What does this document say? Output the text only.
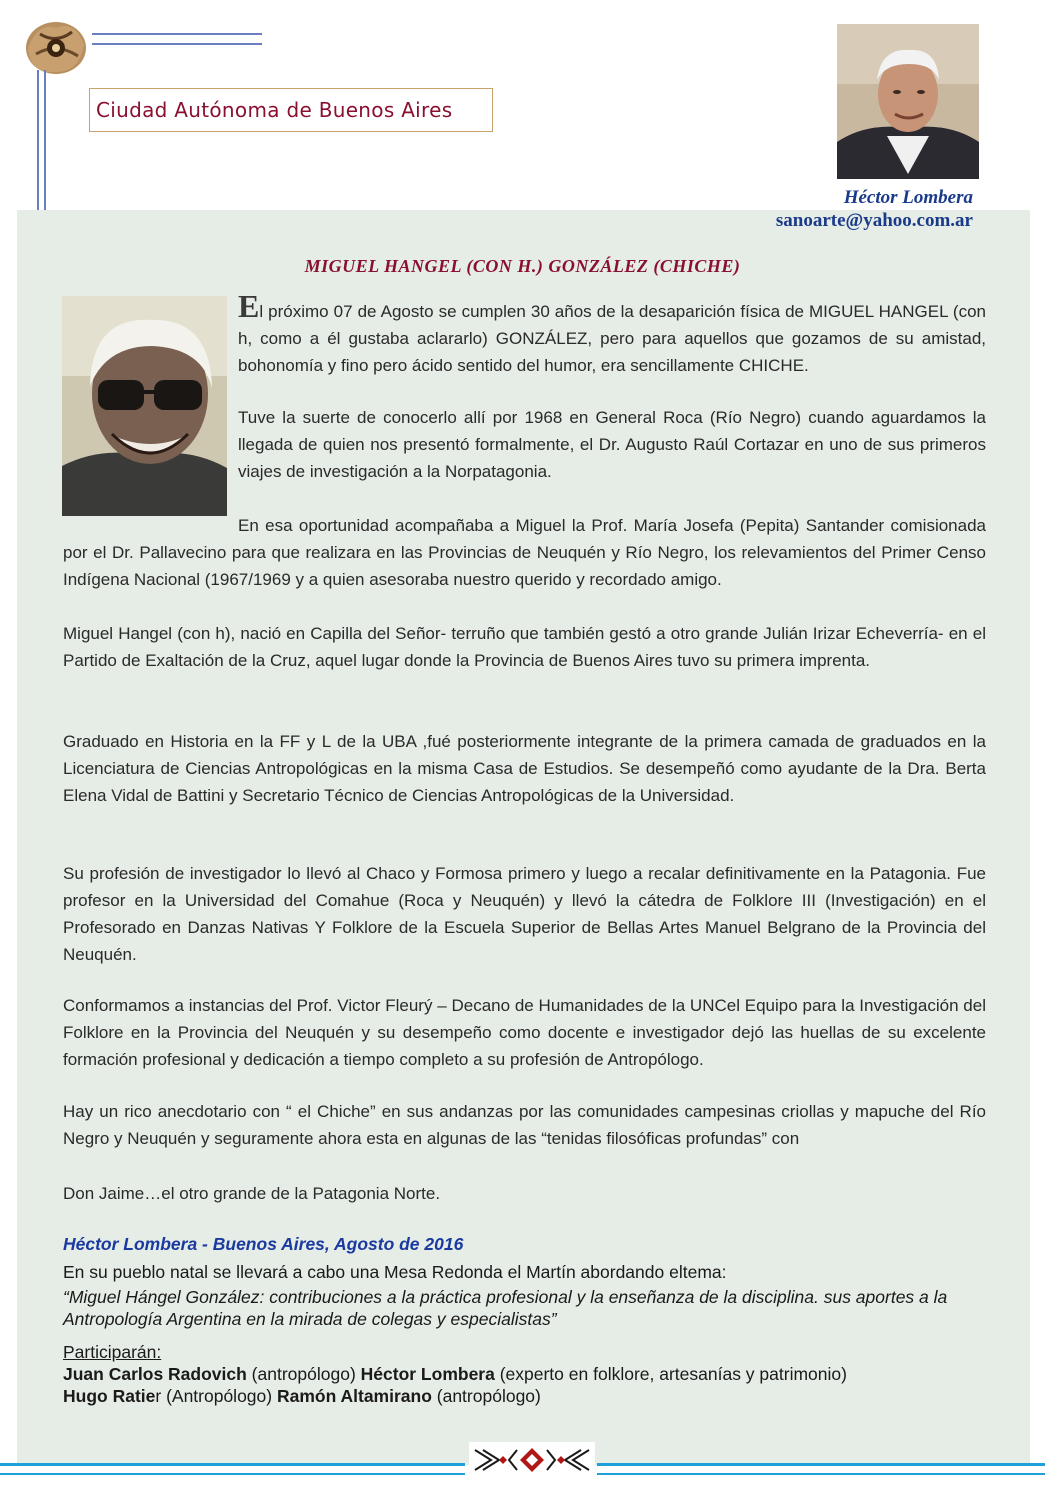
Ciudad Autónoma de Buenos Aires
Héctor Lombera
sanoarte@yahoo.com.ar
MIGUEL HANGEL (CON H.) GONZÁLEZ (CHICHE)
El próximo 07 de Agosto se cumplen 30 años de la desaparición física de MIGUEL HANGEL (con h, como a él gustaba aclararlo) GONZÁLEZ, pero para aquellos que gozamos de su amistad, bohonomía y fino pero ácido sentido del humor, era sencillamente CHICHE.
Tuve la suerte de conocerlo allí por 1968 en General Roca (Río Negro) cuando aguardamos la llegada de quien nos presentó formalmente, el Dr. Augusto Raúl Cortazar en uno de sus primeros viajes de investigación a la Norpatagonia.
En esa oportunidad acompañaba a Miguel la Prof. María Josefa (Pepita) Santander comisionada por el Dr. Pallavecino para que realizara en las Provincias de Neuquén y Río Negro, los relevamientos del Primer Censo Indígena Nacional (1967/1969 y a quien asesoraba nuestro querido y recordado amigo.
Miguel Hangel (con h), nació en Capilla del Señor- terruño que también gestó a otro grande Julián Irizar Echeverría- en el Partido de Exaltación de la Cruz, aquel lugar donde la Provincia de Buenos Aires tuvo su primera imprenta.
Graduado en Historia en la FF y L de la UBA ,fué posteriormente integrante de la primera camada de graduados en la Licenciatura de Ciencias Antropológicas en la misma Casa de Estudios. Se desempeñó como ayudante de la Dra. Berta Elena Vidal de Battini y Secretario Técnico de Ciencias Antropológicas de la Universidad.
Su profesión de investigador lo llevó al Chaco y Formosa primero y luego a recalar definitivamente en la Patagonia. Fue profesor en la Universidad del Comahue (Roca y Neuquén) y llevó la cátedra de Folklore III (Investigación) en el Profesorado en Danzas Nativas Y Folklore de la Escuela Superior de Bellas Artes Manuel Belgrano de la Provincia del Neuquén.
Conformamos a instancias del Prof. Victor Fleurý – Decano de Humanidades de la UNCel Equipo para la Investigación del Folklore en la Provincia del Neuquén y su desempeño como docente e investigador dejó las huellas de su excelente formación profesional y dedicación a tiempo completo a su profesión de Antropólogo.
Hay un rico anecdotario con “ el Chiche” en sus andanzas por las comunidades campesinas criollas y mapuche del Río Negro y Neuquén y seguramente ahora esta en algunas de las “tenidas filosóficas profundas” con
Don Jaime…el otro grande de la Patagonia Norte.
Héctor Lombera - Buenos Aires, Agosto de 2016
En su pueblo natal se llevará a cabo una Mesa Redonda el Martín abordando eltema:
“Miguel Hángel González: contribuciones a la práctica profesional y la enseñanza de la disciplina. sus aportes a la Antropología Argentina en la mirada de colegas y especialistas”
Participarán:
Juan Carlos Radovich (antropólogo) Héctor Lombera (experto en folklore, artesanías y patrimonio)
Hugo Ratier (Antropólogo) Ramón Altamirano (antropólogo)
